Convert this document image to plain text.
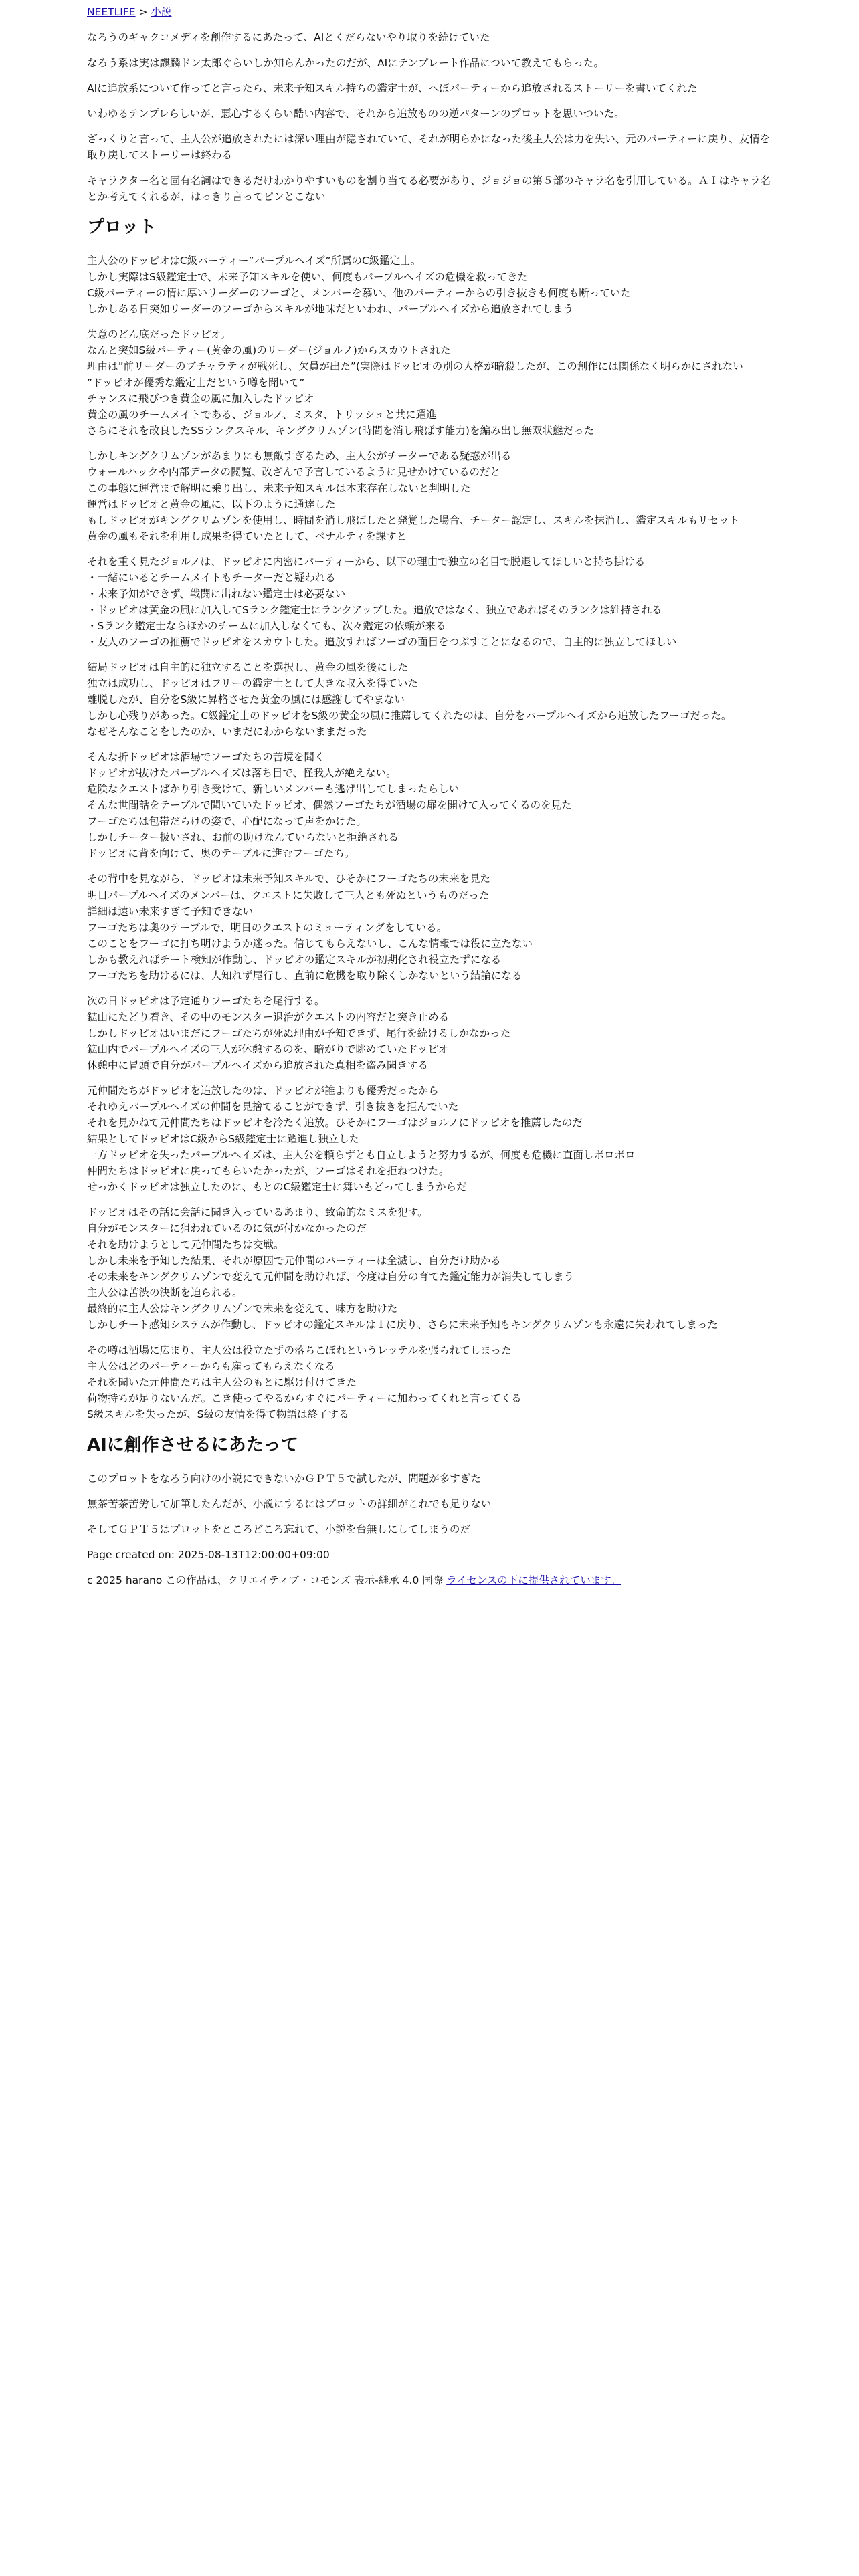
NEETLIFE > 小説

なろうのギャクコメディを創作するにあたって、AIとくだらないやり取りを続けていた

なろう系は実は麒麟ドン太郎ぐらいしか知らんかったのだが、AIにテンプレート作品について教えてもらった。

AIに追放系について作ってと言ったら、未来予知スキル持ちの鑑定士が、へぼパーティーから追放されるストーリーを書いてくれた

いわゆるテンプレらしいが、悪心するくらい酷い内容で、それから追放ものの逆パターンのプロットを思いついた。

ざっくりと言って、主人公が追放されたには深い理由が隠されていて、それが明らかになった後主人公は力を失い、元のパーティーに戻り、友情を取り戻してストーリーは終わる

キャラクター名と固有名詞はできるだけわかりやすいものを割り当てる必要があり、ジョジョの第５部のキャラ名を引用している。ＡＩはキャラ名とか考えてくれるが、はっきり言ってピンとこない

プロット

主人公のドッピオはC級パーティー”パープルヘイズ”所属のC級鑑定士。
しかし実際はS級鑑定士で、未来予知スキルを使い、何度もパープルヘイズの危機を救ってきた
C級パーティーの情に厚いリーダーのフーゴと、メンバーを慕い、他のパーティーからの引き抜きも何度も断っていた
しかしある日突如リーダーのフーゴからスキルが地味だといわれ、パープルヘイズから追放されてしまう

失意のどん底だったドッピオ。
なんと突如S級パーティー(黄金の風)のリーダー(ジョルノ)からスカウトされた
理由は”前リーダーのブチャラティが戦死し、欠員が出た”(実際はドッピオの別の人格が暗殺したが、この創作には関係なく明らかにされない
”ドッピオが優秀な鑑定士だという噂を聞いて”
チャンスに飛びつき黄金の風に加入したドッピオ
黄金の風のチームメイトである、ジョルノ、ミスタ、トリッシュと共に躍進
さらにそれを改良したSSランクスキル、キングクリムゾン(時間を消し飛ばす能力)を編み出し無双状態だった

しかしキングクリムゾンがあまりにも無敵すぎるため、主人公がチーターである疑惑が出る
ウォールハックや内部データの閲覧、改ざんで予言しているように見せかけているのだと
この事態に運営まで解明に乗り出し、未来予知スキルは本来存在しないと判明した
運営はドッピオと黄金の風に、以下のように通達した
もしドッピオがキングクリムゾンを使用し、時間を消し飛ばしたと発覚した場合、チーター認定し、スキルを抹消し、鑑定スキルもリセット
黄金の風もそれを利用し成果を得ていたとして、ペナルティを課すと

それを重く見たジョルノは、ドッピオに内密にパーティーから、以下の理由で独立の名目で脱退してほしいと持ち掛ける
・一緒にいるとチームメイトもチーターだと疑われる
・未来予知ができず、戦闘に出れない鑑定士は必要ない
・ドッピオは黄金の風に加入してSランク鑑定士にランクアップした。追放ではなく、独立であればそのランクは維持される
・Sランク鑑定士ならほかのチームに加入しなくても、次々鑑定の依頼が来る
・友人のフーゴの推薦でドッピオをスカウトした。追放すればフーゴの面目をつぶすことになるので、自主的に独立してほしい

結局ドッピオは自主的に独立することを選択し、黄金の風を後にした
独立は成功し、ドッピオはフリーの鑑定士として大きな収入を得ていた
離脱したが、自分をS級に昇格させた黄金の風には感謝してやまない
しかし心残りがあった。C級鑑定士のドッピオをS級の黄金の風に推薦してくれたのは、自分をパープルヘイズから追放したフーゴだった。
なぜそんなことをしたのか、いまだにわからないままだった

そんな折ドッピオは酒場でフーゴたちの苦境を聞く
ドッピオが抜けたパープルヘイズは落ち目で、怪我人が絶えない。
危険なクエストばかり引き受けて、新しいメンバーも逃げ出してしまったらしい
そんな世間話をテーブルで聞いていたドッピオ、偶然フーゴたちが酒場の扉を開けて入ってくるのを見た
フーゴたちは包帯だらけの姿で、心配になって声をかけた。
しかしチーター扱いされ、お前の助けなんていらないと拒絶される
ドッピオに背を向けて、奥のテーブルに進むフーゴたち。

その背中を見ながら、ドッピオは未来予知スキルで、ひそかにフーゴたちの未来を見た
明日パープルヘイズのメンバーは、クエストに失敗して三人とも死ぬというものだった
詳細は遠い未来すぎて予知できない
フーゴたちは奥のテーブルで、明日のクエストのミューティングをしている。
このことをフーゴに打ち明けようか迷った。信じてもらえないし、こんな情報では役に立たない
しかも教えればチート検知が作動し、ドッピオの鑑定スキルが初期化され役立たずになる
フーゴたちを助けるには、人知れず尾行し、直前に危機を取り除くしかないという結論になる

次の日ドッピオは予定通りフーゴたちを尾行する。
鉱山にたどり着き、その中のモンスター退治がクエストの内容だと突き止める
しかしドッピオはいまだにフーゴたちが死ぬ理由が予知できず、尾行を続けるしかなかった
鉱山内でパープルヘイズの三人が休憩するのを、暗がりで眺めていたドッピオ
休憩中に冒頭で自分がパープルヘイズから追放された真相を盗み聞きする

元仲間たちがドッピオを追放したのは、ドッピオが誰よりも優秀だったから
それゆえパープルヘイズの仲間を見捨てることができず、引き抜きを拒んでいた
それを見かねて元仲間たちはドッピオを冷たく追放。ひそかにフーゴはジョルノにドッピオを推薦したのだ
結果としてドッピオはC級からS級鑑定士に躍進し独立した
一方ドッピオを失ったパープルヘイズは、主人公を頼らずとも自立しようと努力するが、何度も危機に直面しボロボロ
仲間たちはドッピオに戻ってもらいたかったが、フーゴはそれを拒ねつけた。
せっかくドッピオは独立したのに、もとのC級鑑定士に舞いもどってしまうからだ

ドッピオはその話に会話に聞き入っているあまり、致命的なミスを犯す。
自分がモンスターに狙われているのに気が付かなかったのだ
それを助けようとして元仲間たちは交戦。
しかし未来を予知した結果、それが原因で元仲間のパーティーは全滅し、自分だけ助かる
その未来をキングクリムゾンで変えて元仲間を助ければ、今度は自分の育てた鑑定能力が消失してしまう
主人公は苦渋の決断を迫られる。
最終的に主人公はキングクリムゾンで未来を変えて、味方を助けた
しかしチート感知システムが作動し、ドッピオの鑑定スキルは１に戻り、さらに未来予知もキングクリムゾンも永遠に失われてしまった

その噂は酒場に広まり、主人公は役立たずの落ちこぼれというレッテルを張られてしまった
主人公はどのパーティーからも雇ってもらえなくなる
それを聞いた元仲間たちは主人公のもとに駆け付けてきた
荷物持ちが足りないんだ。こき使ってやるからすぐにパーティーに加わってくれと言ってくる
S級スキルを失ったが、S級の友情を得て物語は終了する

AIに創作させるにあたって

このプロットをなろう向けの小説にできないかＧＰＴ５で試したが、問題が多すぎた

無茶苦茶苦労して加筆したんだが、小説にするにはプロットの詳細がこれでも足りない

そしてＧＰＴ５はプロットをところどころ忘れて、小説を台無しにしてしまうのだ

Page created on: 2025-08-13T12:00:00+09:00

c 2025 harano この作品は、クリエイティブ・コモンズ 表示-継承 4.0 国際 ライセンスの下に提供されています。
